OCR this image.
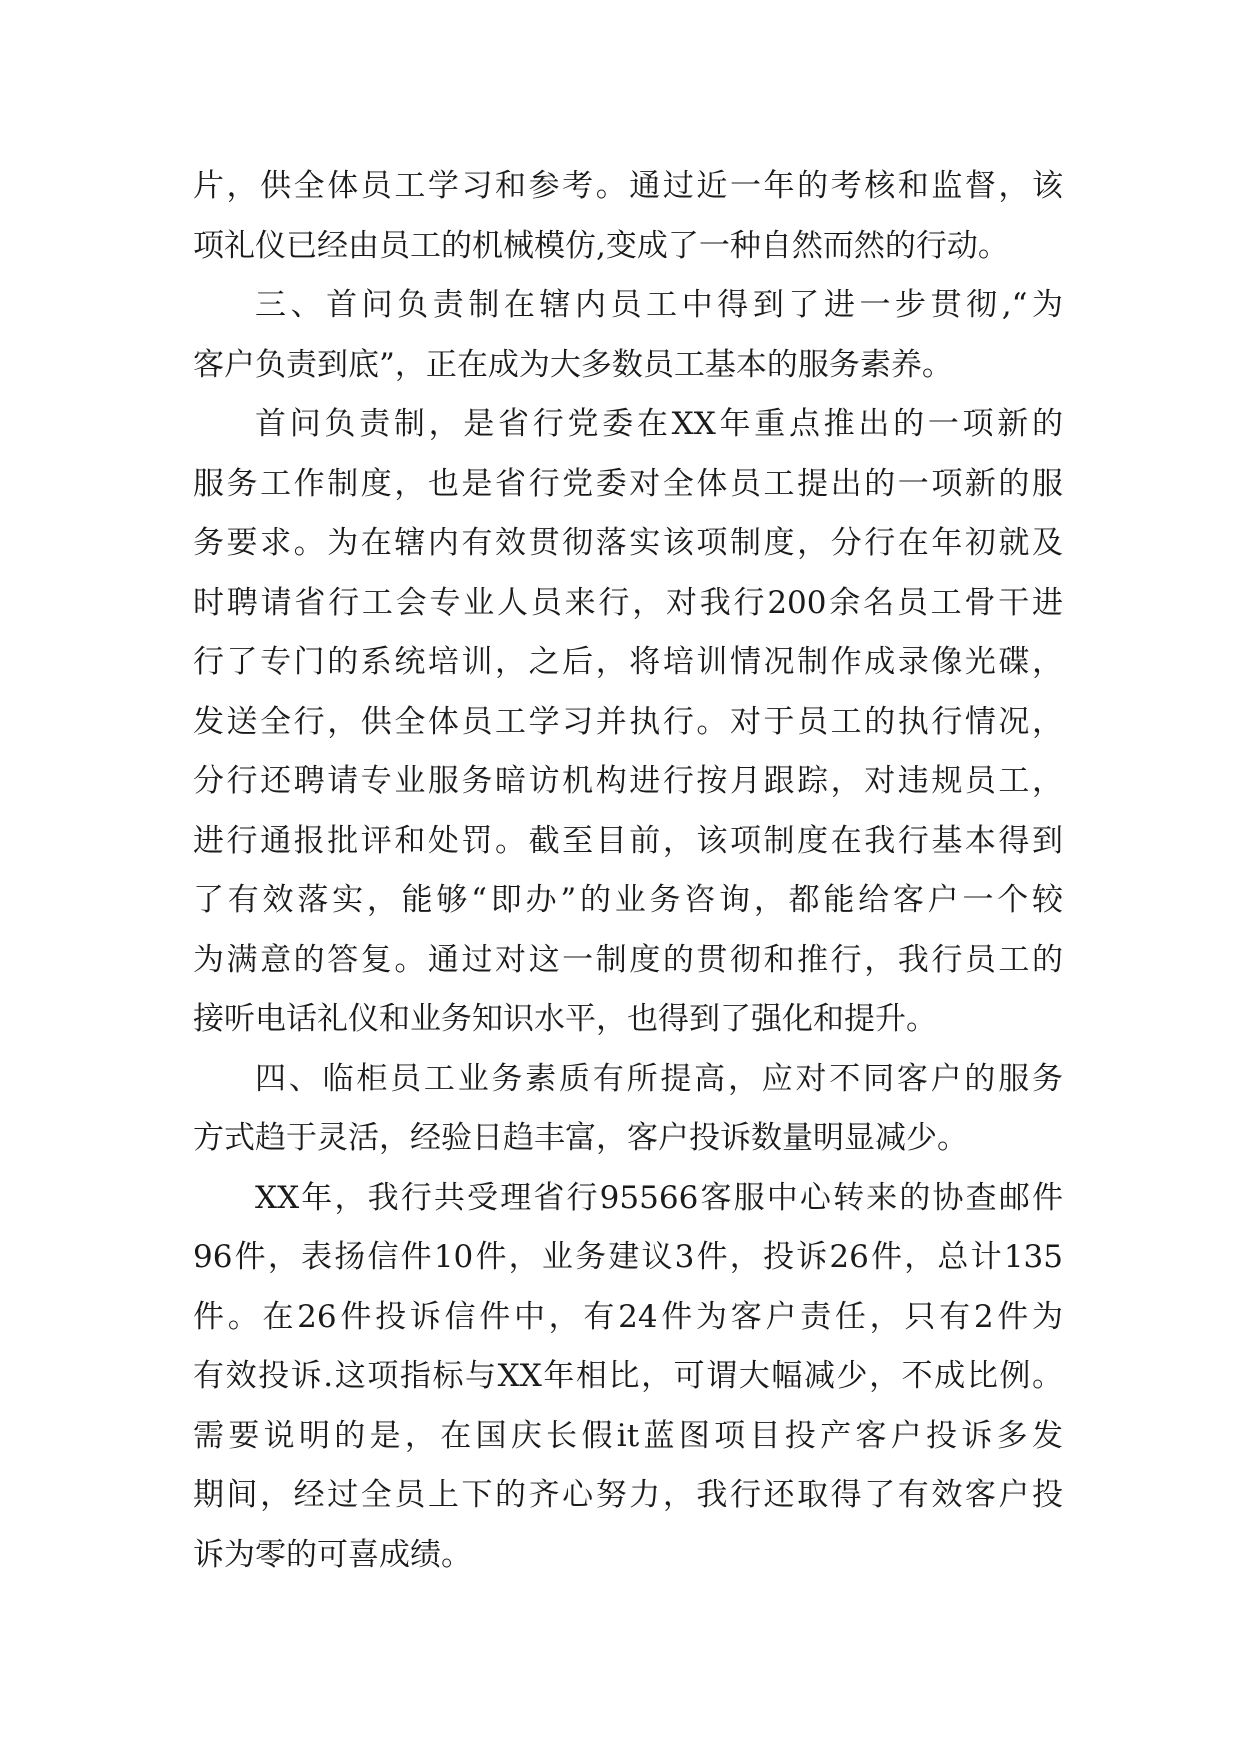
片，供全体员工学习和参考。通过近一年的考核和监督，该
项礼仪已经由员工的机械模仿,变成了一种自然而然的行动。
三、首问负责制在辖内员工中得到了进一步贯彻,“为
客户负责到底”，正在成为大多数员工基本的服务素养。
首问负责制，是省行党委在XX年重点推出的一项新的
服务工作制度，也是省行党委对全体员工提出的一项新的服
务要求。为在辖内有效贯彻落实该项制度，分行在年初就及
时聘请省行工会专业人员来行，对我行200余名员工骨干进
行了专门的系统培训，之后，将培训情况制作成录像光碟，
发送全行，供全体员工学习并执行。对于员工的执行情况，
分行还聘请专业服务暗访机构进行按月跟踪，对违规员工，
进行通报批评和处罚。截至目前，该项制度在我行基本得到
了有效落实，能够“即办”的业务咨询，都能给客户一个较
为满意的答复。通过对这一制度的贯彻和推行，我行员工的
接听电话礼仪和业务知识水平，也得到了强化和提升。
四、临柜员工业务素质有所提高，应对不同客户的服务
方式趋于灵活，经验日趋丰富，客户投诉数量明显减少。
XX年，我行共受理省行95566客服中心转来的协查邮件
96件，表扬信件10件，业务建议3件，投诉26件，总计135
件。在26件投诉信件中，有24件为客户责任，只有2件为
有效投诉.这项指标与XX年相比，可谓大幅减少，不成比例。
需要说明的是，在国庆长假it蓝图项目投产客户投诉多发
期间，经过全员上下的齐心努力，我行还取得了有效客户投
诉为零的可喜成绩。
